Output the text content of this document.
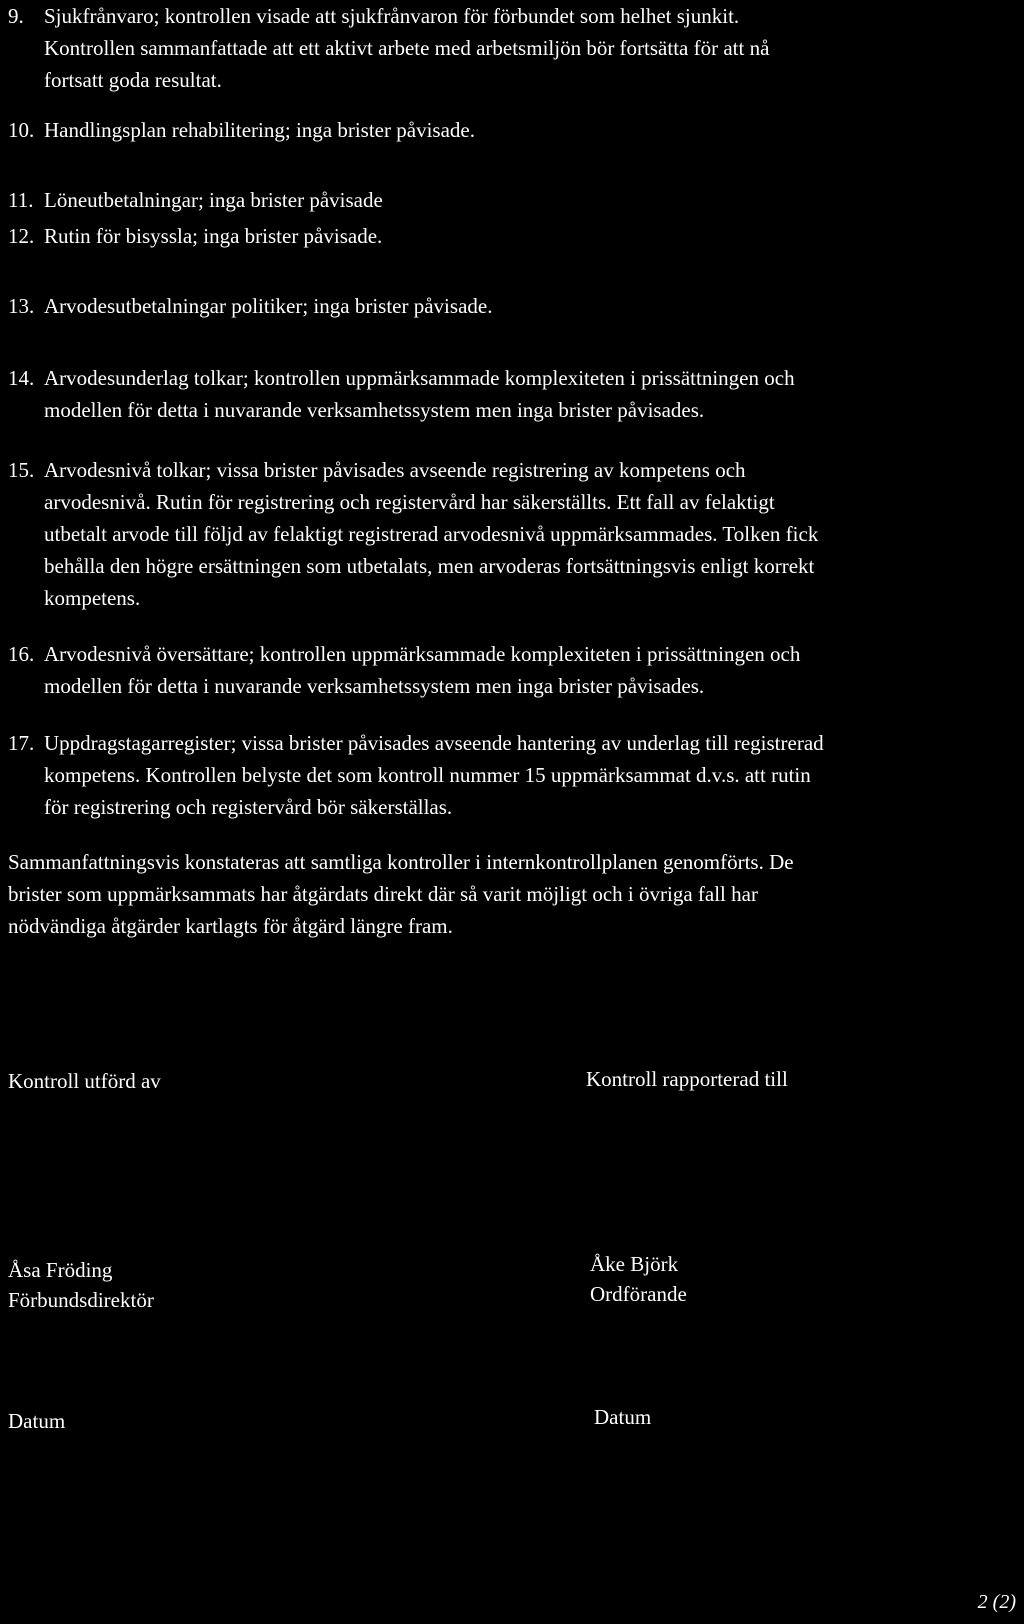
9. Sjukfrånvaro; kontrollen visade att sjukfrånvaron för förbundet som helhet sjunkit.
Kontrollen sammanfattade att ett aktivt arbete med arbetsmiljön bör fortsätta för att nå
fortsatt goda resultat.
10. Handlingsplan rehabilitering; inga brister påvisade.
11. Löneutbetalningar; inga brister påvisade
12. Rutin för bisyssla; inga brister påvisade.
13. Arvodesutbetalningar politiker; inga brister påvisade.
14. Arvodesunderlag tolkar; kontrollen uppmärksammade komplexiteten i prissättningen och
modellen för detta i nuvarande verksamhetssystem men inga brister påvisades.
15. Arvodesnivå tolkar; vissa brister påvisades avseende registrering av kompetens och
arvodesnivå. Rutin för registrering och registervård har säkerställts. Ett fall av felaktigt
utbetalt arvode till följd av felaktigt registrerad arvodesnivå uppmärksammades. Tolken fick
behålla den högre ersättningen som utbetalats, men arvoderas fortsättningsvis enligt korrekt
kompetens.
16. Arvodesnivå översättare; kontrollen uppmärksammade komplexiteten i prissättningen och
modellen för detta i nuvarande verksamhetssystem men inga brister påvisades.
17. Uppdragstagarregister; vissa brister påvisades avseende hantering av underlag till registrerad
kompetens. Kontrollen belyste det som kontroll nummer 15 uppmärksammat d.v.s. att rutin
för registrering och registervård bör säkerställas.
Sammanfattningsvis konstateras att samtliga kontroller i internkontrollplanen genomförts. De
brister som uppmärksammats har åtgärdats direkt där så varit möjligt och i övriga fall har
nödvändiga åtgärder kartlagts för åtgärd längre fram.
Kontroll utförd av	Kontroll rapporterad till
Åsa Fröding
Förbundsdirektör
Åke Björk
Ordförande
Datum	Datum
2 (2)
